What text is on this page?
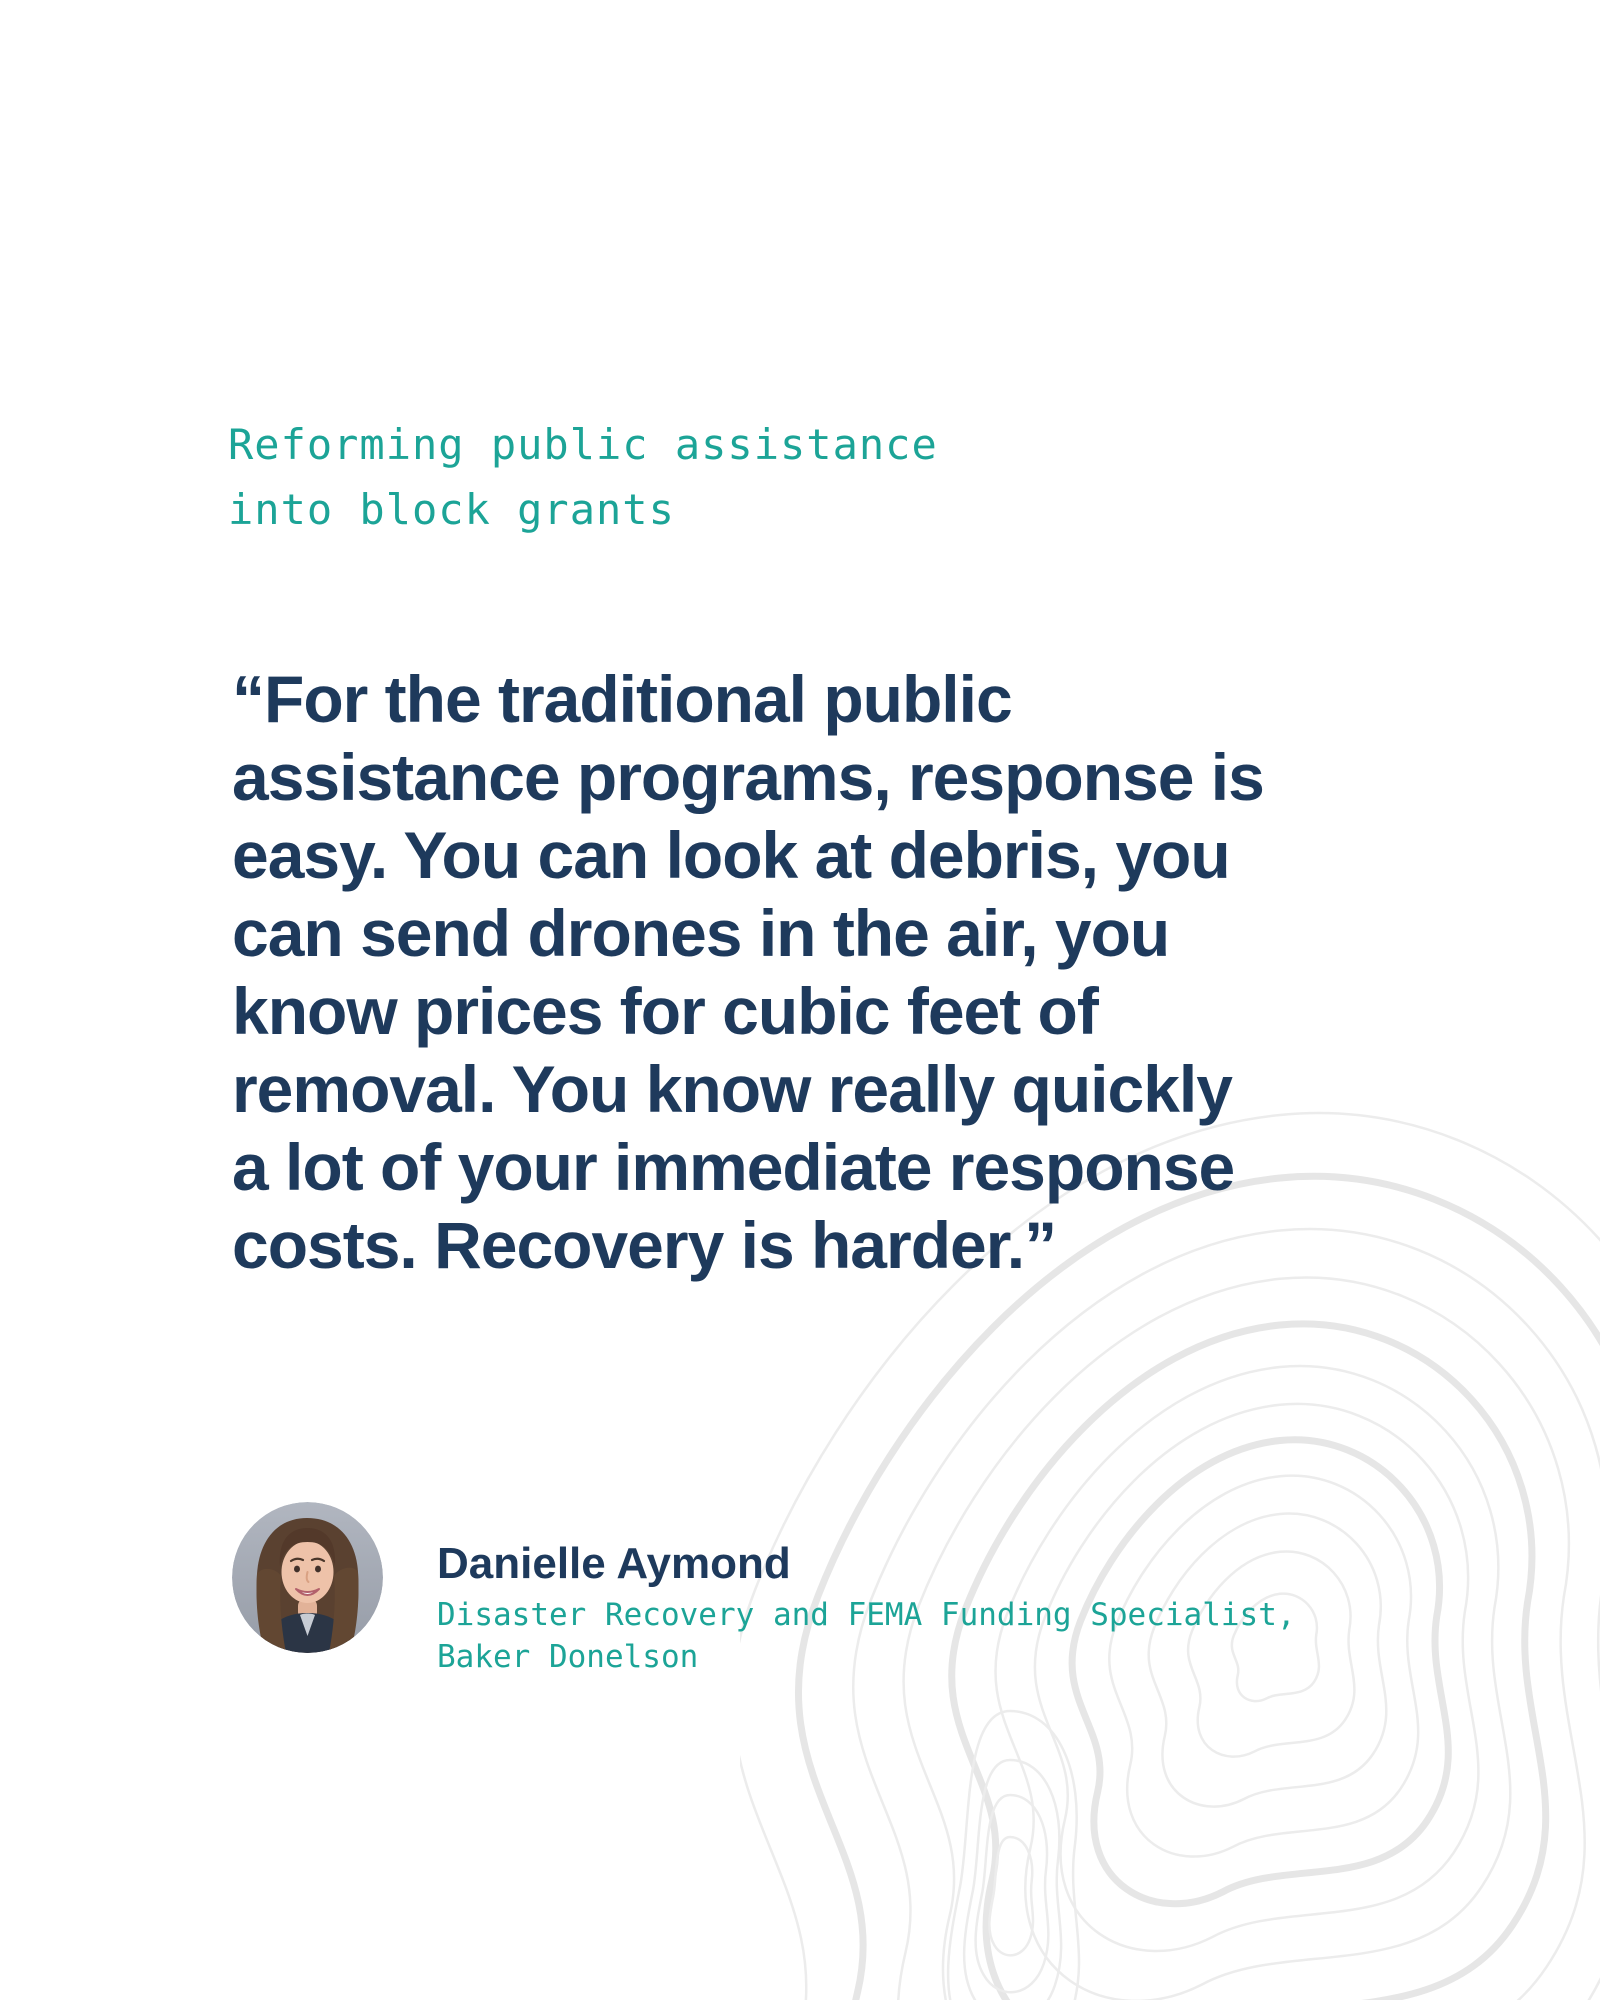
Reforming public assistance
into block grants
“For the traditional public
assistance programs, response is
easy. You can look at debris, you
can send drones in the air, you
know prices for cubic feet of
removal. You know really quickly
a lot of your immediate response
costs. Recovery is harder.”
Danielle Aymond
Disaster Recovery and FEMA Funding Specialist,
Baker Donelson
